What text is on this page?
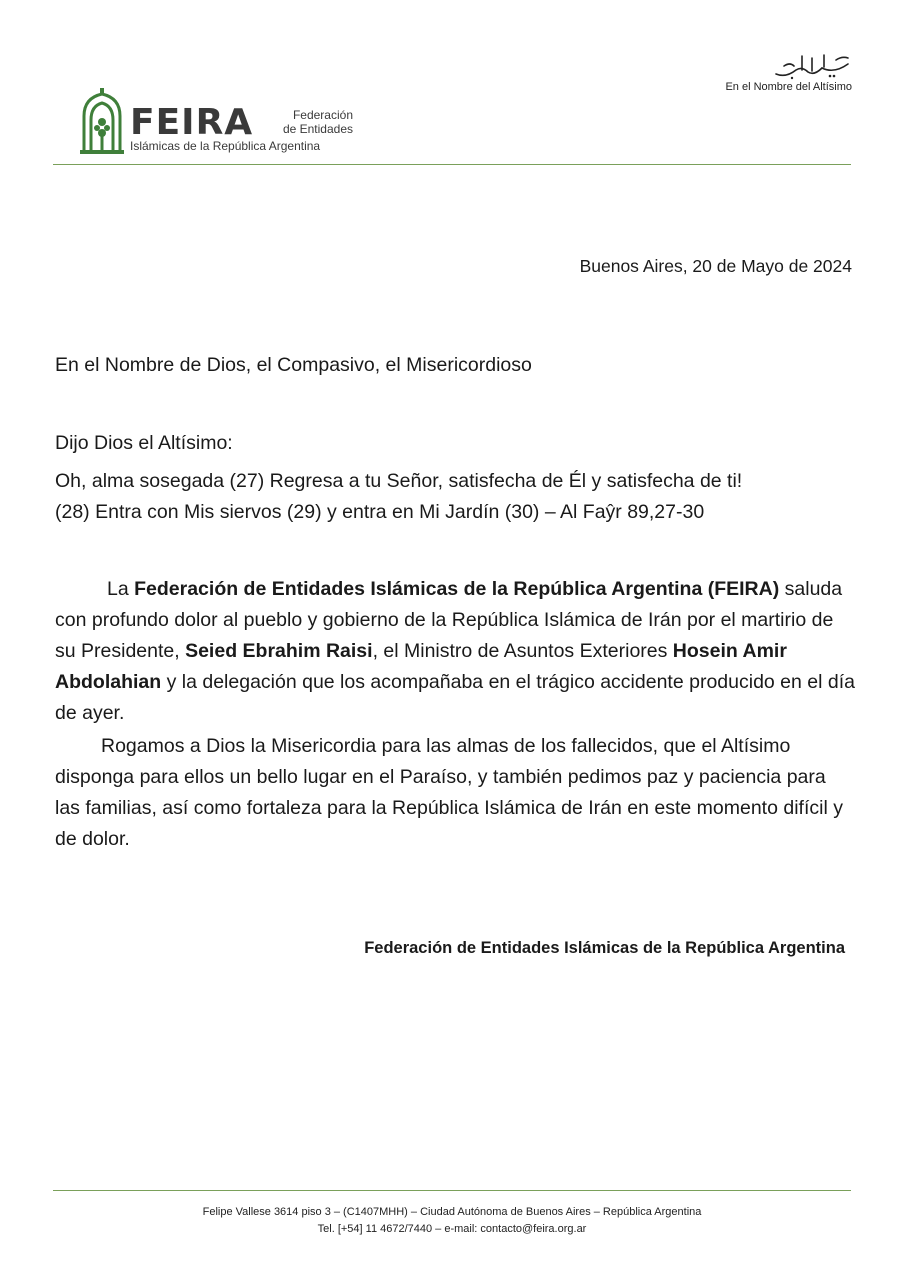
FEIRA	Federación
de Entidades
Islámicas de la República Argentina
En el Nombre del Altísimo
Buenos Aires, 20 de Mayo de 2024
En el Nombre de Dios, el Compasivo, el Misericordioso
Dijo Dios el Altísimo:
Oh, alma sosegada (27) Regresa a tu Señor, satisfecha de Él y satisfecha de ti!
(28) Entra con Mis siervos (29) y entra en Mi Jardín (30) – Al Faŷr 89,27-30
La Federación de Entidades Islámicas de la República Argentina (FEIRA) saluda con profundo dolor al pueblo y gobierno de la República Islámica de Irán por el martirio de su Presidente, Seied Ebrahim Raisi, el Ministro de Asuntos Exteriores Hosein Amir Abdolahian y la delegación que los acompañaba en el trágico accidente producido en el día de ayer.
Rogamos a Dios la Misericordia para las almas de los fallecidos, que el Altísimo disponga para ellos un bello lugar en el Paraíso, y también pedimos paz y paciencia para las familias, así como fortaleza para la República Islámica de Irán en este momento difícil y de dolor.
Federación de Entidades Islámicas de la República Argentina
Felipe Vallese 3614 piso 3 – (C1407MHH) – Ciudad Autónoma de Buenos Aires – República Argentina
Tel. [+54] 11 4672/7440 – e-mail: contacto@feira.org.ar
